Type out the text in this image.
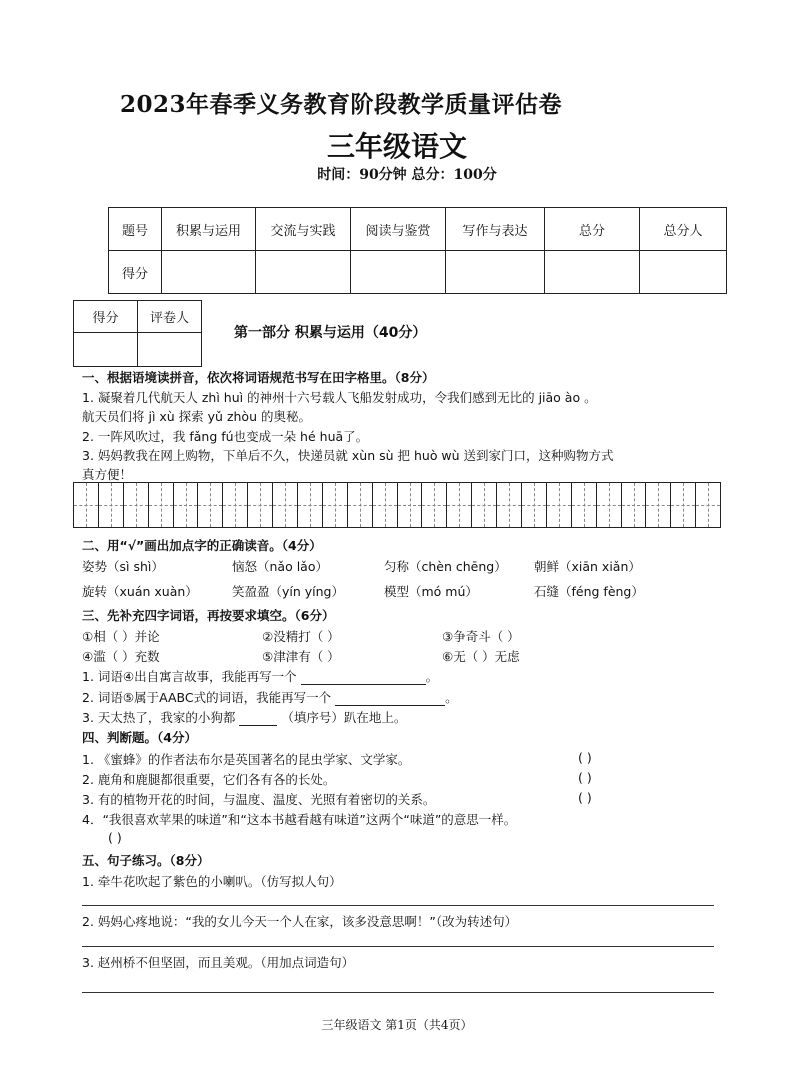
2023年春季义务教育阶段教学质量评估卷
三年级语文
时间：90分钟 总分：100分
题号	积累与运用	交流与实践	阅读与鉴赏	写作与表达	总分	总分人
得分						
得分	评卷人

第一部分 积累与运用（40分）
一、根据语境读拼音，依次将词语规范书写在田字格里。（8分）
1. 凝聚着几代航天人 zhì huì 的神州十六号载人飞船发射成功，令我们感到无比的 jiāo ào 。
航天员们将 jì xù 探索 yǔ zhòu 的奥秘。
2. 一阵风吹过，我 fǎng fú也变成一朵 hé huā了。
3. 妈妈教我在网上购物，下单后不久，快递员就 xùn sù 把 huò wù 送到家门口，这种购物方式
真方便！
二、用“√”画出加点字的正确读音。（4分）
姿势（sì shì）	恼怒（nǎo lǎo）	匀称（chèn chēng） 朝鲜（xiān xiǎn）
旋转（xuán xuàn）	笑盈盈（yín yíng）	模型（mó mú）	石缝（féng fèng）
三、先补充四字词语，再按要求填空。（6分）
①相（ ）并论	②没精打（ ）	③争奇斗（ ）
④滥（ ）充数	⑤津津有（ ）	⑥无（ ）无虑
1. 词语④出自寓言故事，我能再写一个	。
2. 词语⑤属于AABC式的词语，我能再写一个	。
3. 天太热了，我家的小狗都	（填序号）趴在地上。
四、判断题。（4分）
1. 《蜜蜂》的作者法布尔是英国著名的昆虫学家、文学家。	( )
2. 鹿角和鹿腿都很重要，它们各有各的长处。	( )
3. 有的植物开花的时间，与温度、温度、光照有着密切的关系。	( )
4．“我很喜欢苹果的味道”和“这本书越看越有味道”这两个“味道”的意思一样。
( )
五、句子练习。（8分）
1. 牵牛花吹起了紫色的小喇叭。（仿写拟人句）
2. 妈妈心疼地说：“我的女儿今天一个人在家，该多没意思啊！”（改为转述句）
3. 赵州桥不但坚固，而且美观。（用加点词造句）
三年级语文 第1页（共4页）
